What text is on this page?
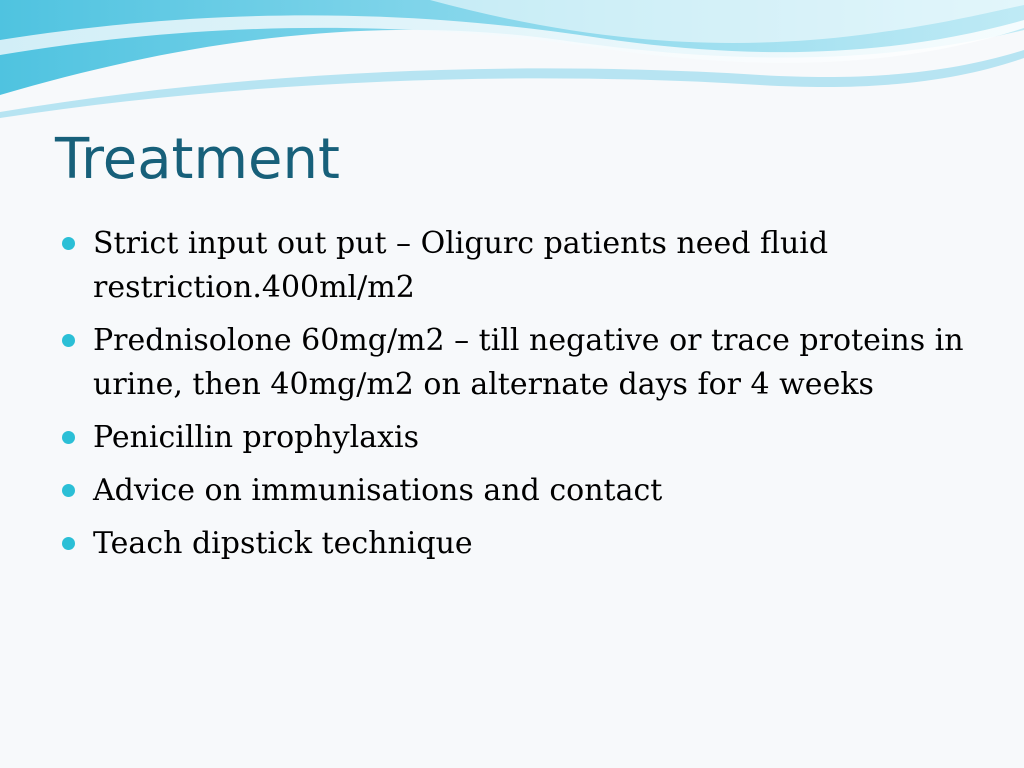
Treatment
Strict input out put – Oligurc patients need fluid restriction.400ml/m2
Prednisolone 60mg/m2 – till negative or trace proteins in urine, then 40mg/m2 on alternate days for 4 weeks
Penicillin prophylaxis
Advice on immunisations and contact
Teach dipstick technique
